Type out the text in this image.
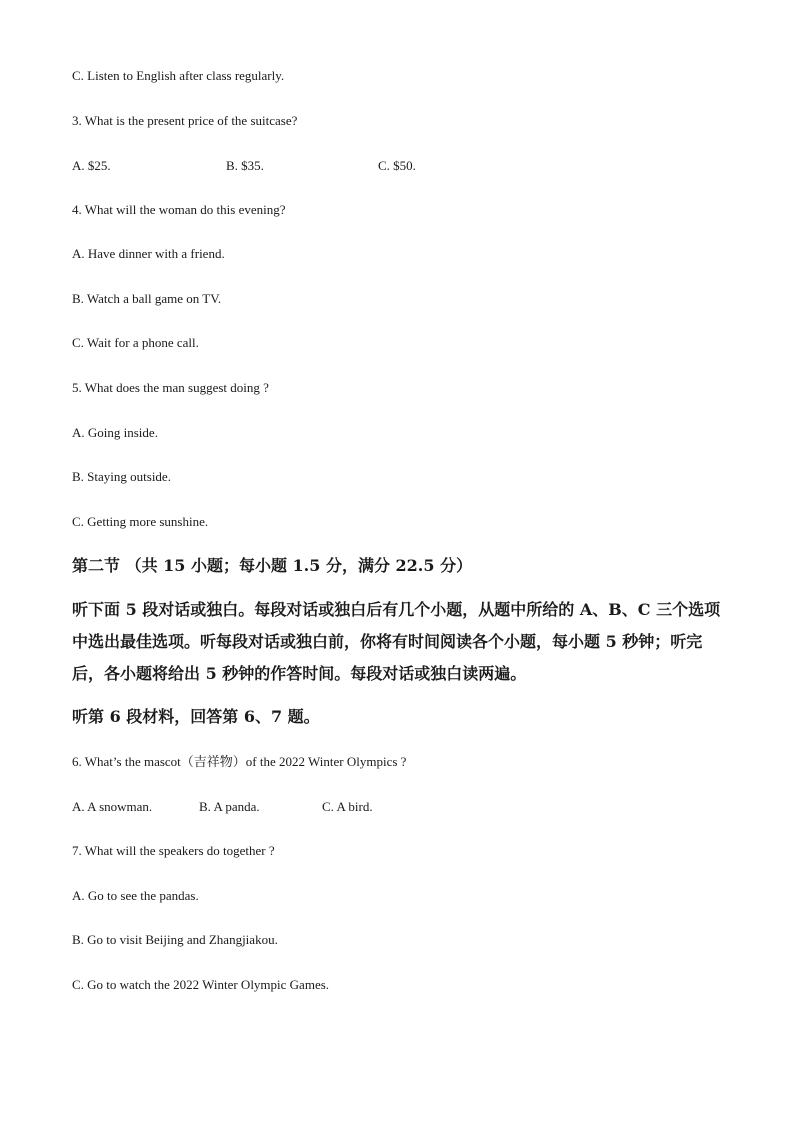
C. Listen to English after class regularly.
3. What is the present price of the suitcase?
A. $25.	B. $35.	C. $50.
4. What will the woman do this evening?
A. Have dinner with a friend.
B. Watch a ball game on TV.
C. Wait for a phone call.
5. What does the man suggest doing ?
A. Going inside.
B. Staying outside.
C. Getting more sunshine.
第二节 （共 15 小题；每小题 1.5 分，满分 22.5 分）
听下面 5 段对话或独白。每段对话或独白后有几个小题，从题中所给的 A、B、C 三个选项中选出最佳选项。听每段对话或独白前，你将有时间阅读各个小题，每小题 5 秒钟；听完后，各小题将给出 5 秒钟的作答时间。每段对话或独白读两遍。
听第 6 段材料，回答第 6、7 题。
6. What’s the mascot（吉祥物）of the 2022 Winter Olympics ?
A. A snowman.	B. A panda.	C. A bird.
7. What will the speakers do together ?
A. Go to see the pandas.
B. Go to visit Beijing and Zhangjiakou.
C. Go to watch the 2022 Winter Olympic Games.
